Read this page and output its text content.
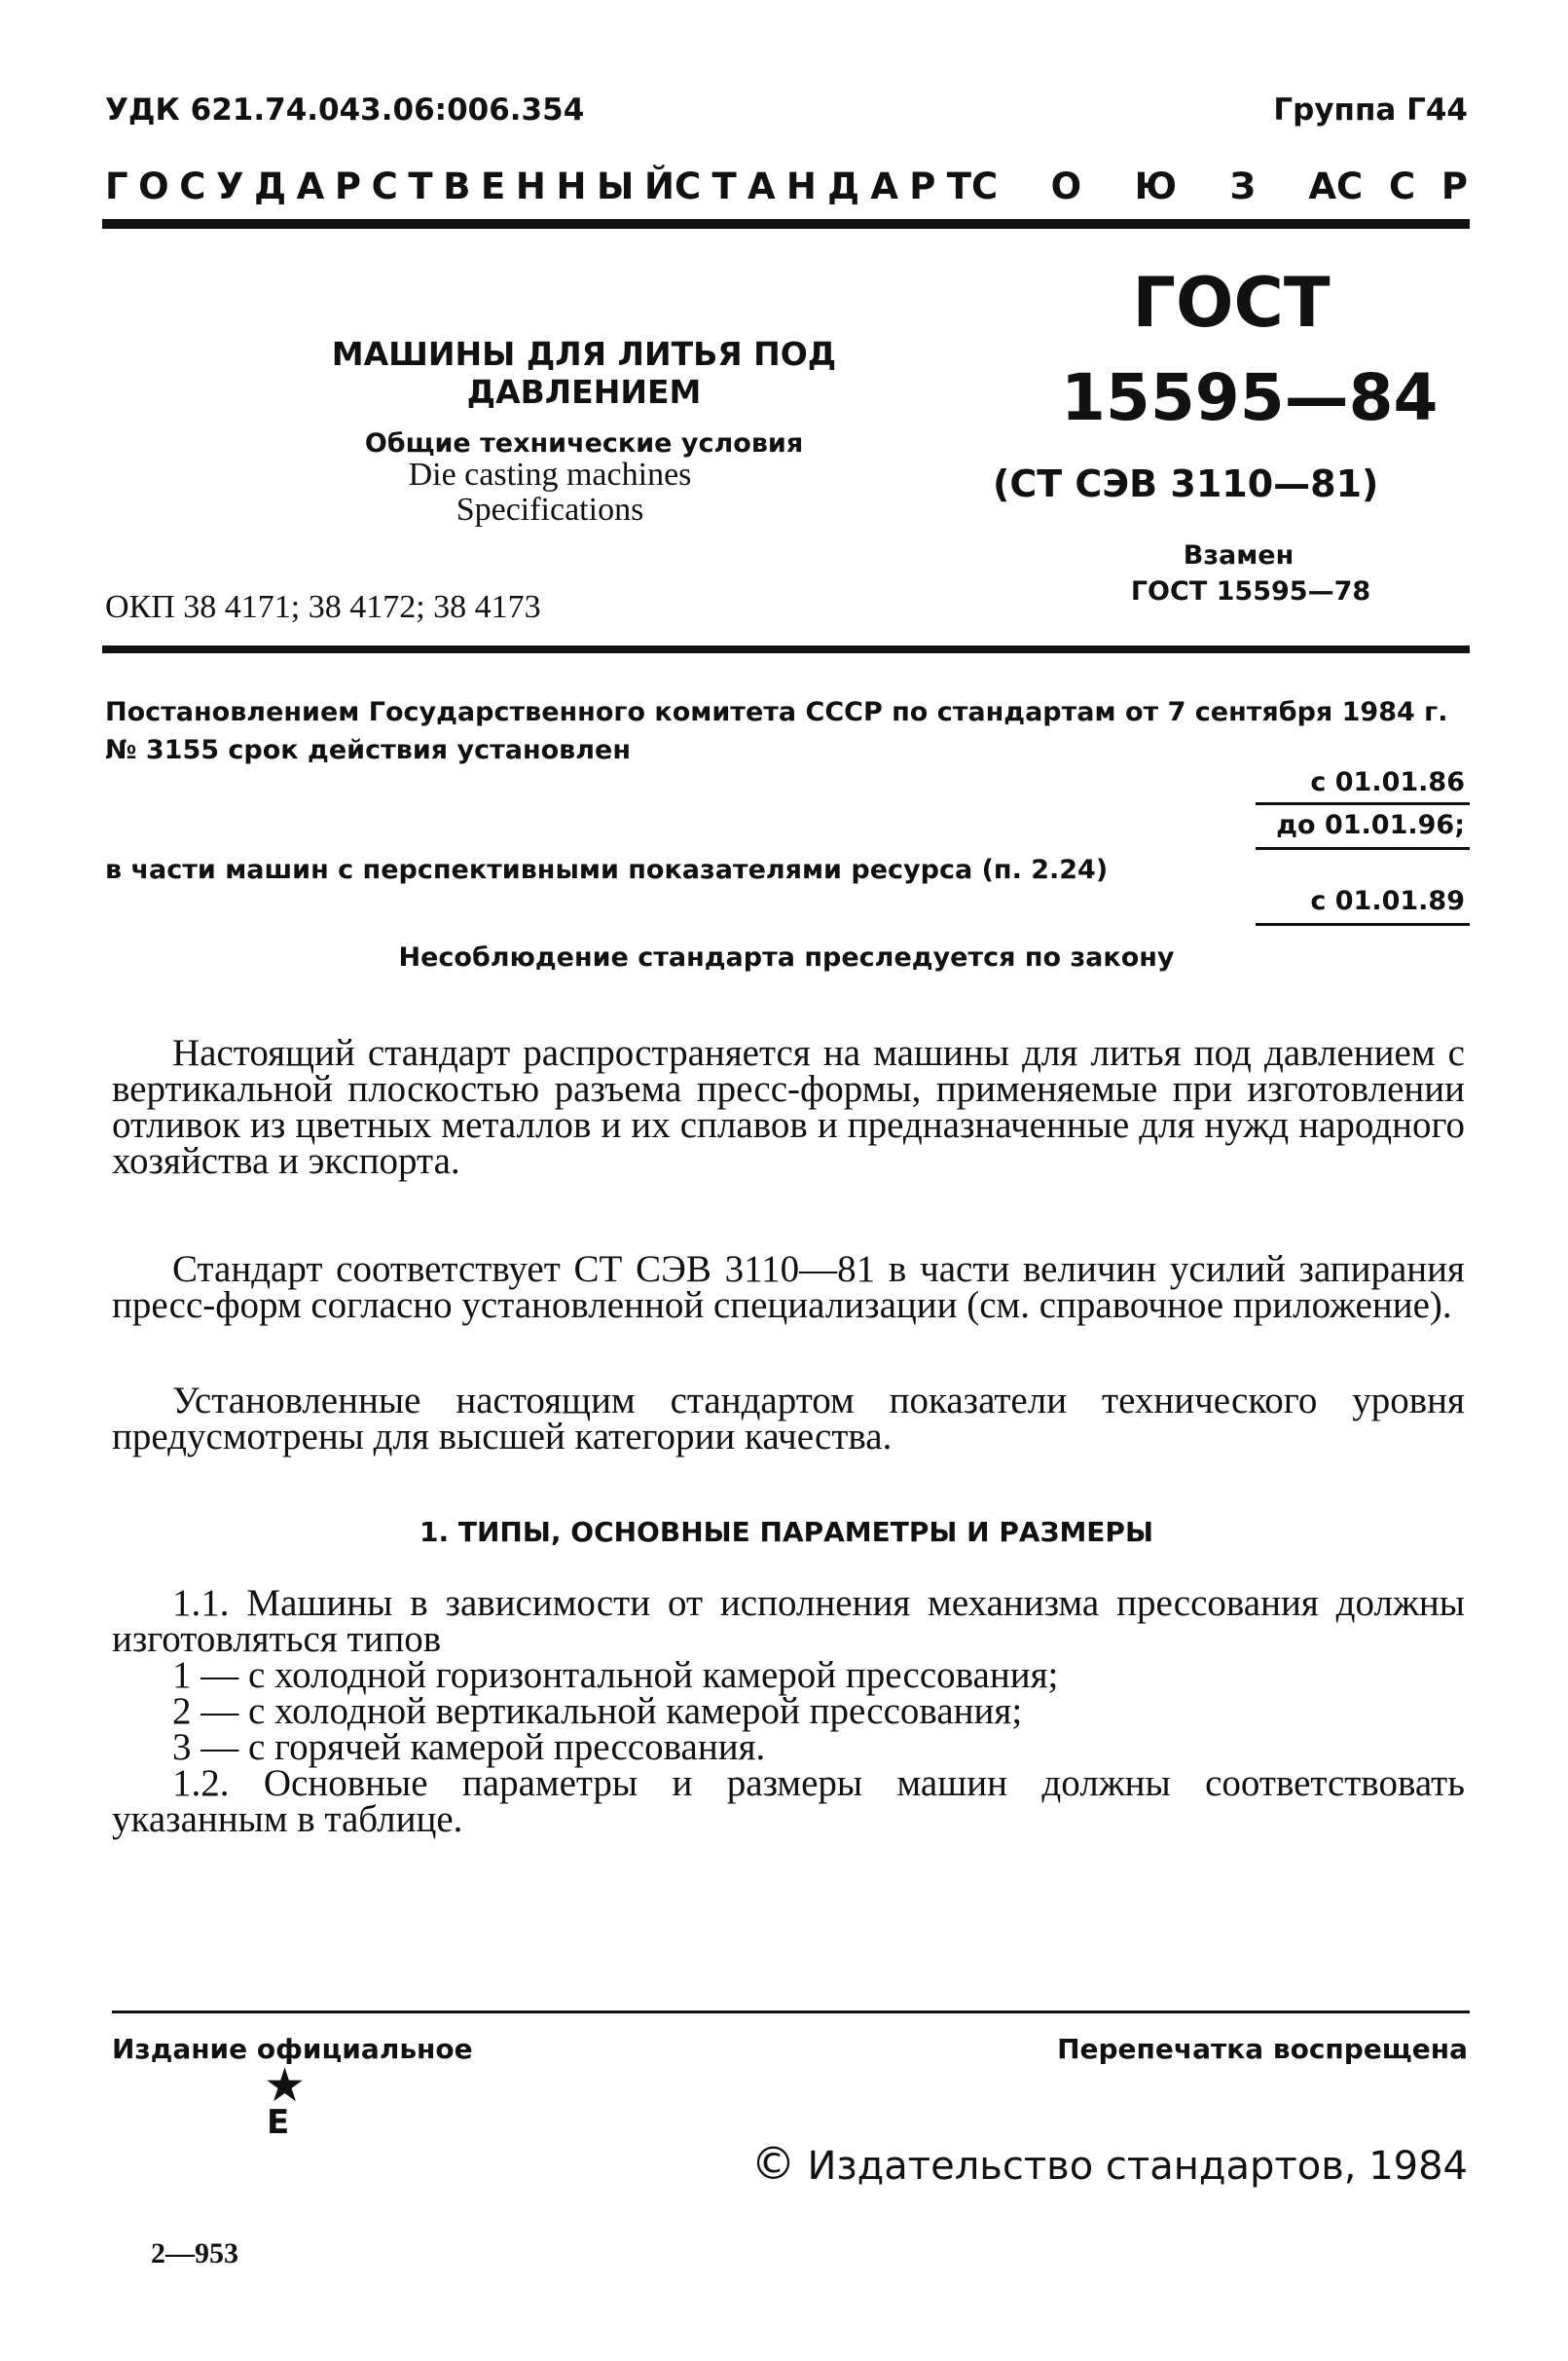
УДК 621.74.043.06:006.354	Группа Г44
Г О С У Д А Р С Т В Е Н Н Ы Й С Т А Н Д А Р Т С О Ю З А С С Р
МАШИНЫ ДЛЯ ЛИТЬЯ ПОД ДАВЛЕНИЕМ
Общие технические условия
Die casting machines
Specifications
ГОСТ
15595—84
(СТ СЭВ 3110—81)
Взамен
ГОСТ 15595—78
ОКП 38 4171; 38 4172; 38 4173
Постановлением Государственного комитета СССР по стандартам от 7 сентября 1984 г. № 3155 срок действия установлен
с 01.01.86
до 01.01.96;
в части машин с перспективными показателями ресурса (п. 2.24)
с 01.01.89
Несоблюдение стандарта преследуется по закону

Настоящий стандарт распространяется на машины для литья под давлением с вертикальной плоскостью разъема пресс-формы, применяемые при изготовлении отливок из цветных металлов и их сплавов и предназначенные для нужд народного хозяйства и экспорта.

Стандарт соответствует СТ СЭВ 3110—81 в части величин усилий запирания пресс-форм согласно установленной специализации (см. справочное приложение).

Установленные настоящим стандартом показатели технического уровня предусмотрены для высшей категории качества.

1. ТИПЫ, ОСНОВНЫЕ ПАРАМЕТРЫ И РАЗМЕРЫ

1.1. Машины в зависимости от исполнения механизма прессования должны изготовляться типов

1 — с холодной горизонтальной камерой прессования;
2 — с холодной вертикальной камерой прессования;
3 — с горячей камерой прессования.

1.2. Основные параметры и размеры машин должны соответствовать указанным в таблице.

Издание официальное	Перепечатка воспрещена
★
Е
© Издательство стандартов, 1984
2—953
